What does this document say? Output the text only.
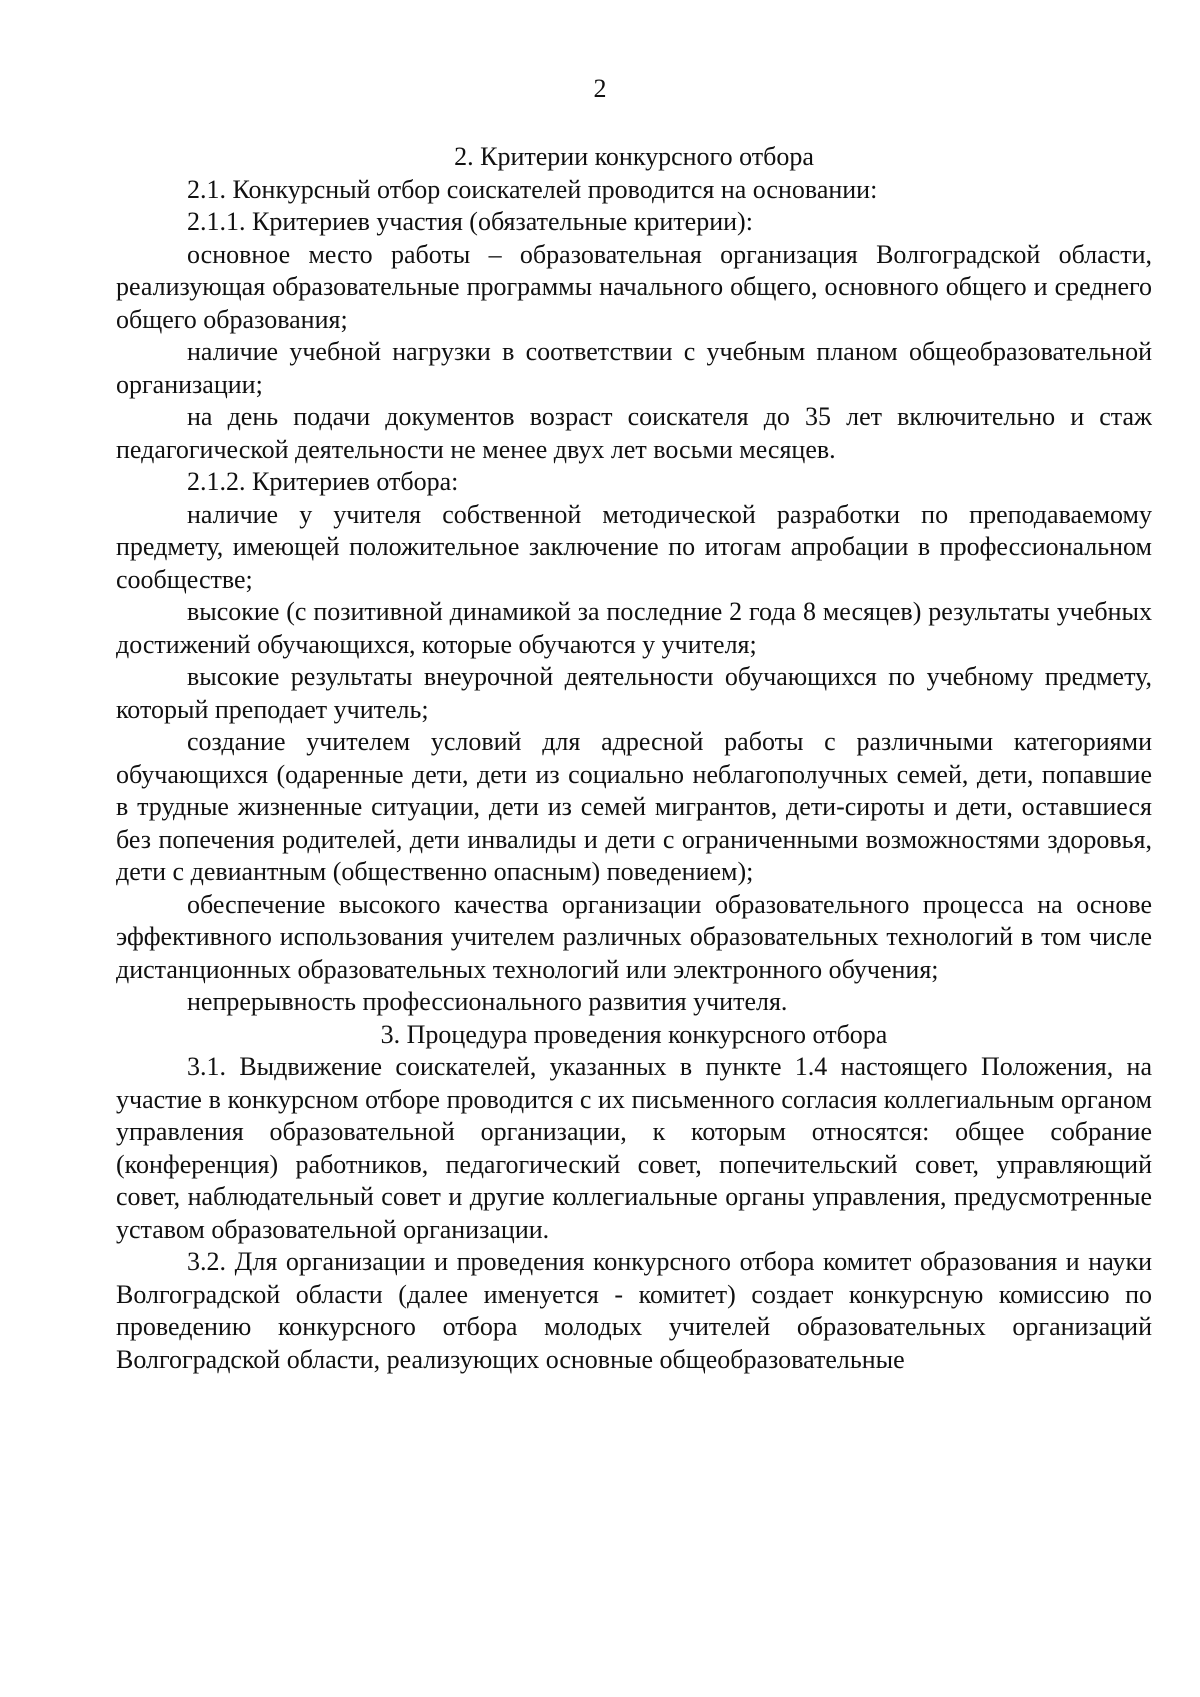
2
2. Критерии конкурсного отбора

2.1. Конкурсный отбор соискателей проводится на основании:

2.1.1. Критериев участия (обязательные критерии):

основное место работы – образовательная организация Волгоградской области, реализующая образовательные программы начального общего, основного общего и среднего общего образования;

наличие учебной нагрузки в соответствии с учебным планом общеобразовательной организации;

на день подачи документов возраст соискателя до 35 лет включительно и стаж педагогической деятельности не менее двух лет восьми месяцев.

2.1.2. Критериев отбора:

наличие у учителя собственной методической разработки по преподаваемому предмету, имеющей положительное заключение по итогам апробации в профессиональном сообществе;

высокие (с позитивной динамикой за последние 2 года 8 месяцев) результаты учебных достижений обучающихся, которые обучаются у учителя;

высокие результаты внеурочной деятельности обучающихся по учебному предмету, который преподает учитель;

создание учителем условий для адресной работы с различными категориями обучающихся (одаренные дети, дети из социально неблагополучных семей, дети, попавшие в трудные жизненные ситуации, дети из семей мигрантов, дети-сироты и дети, оставшиеся без попечения родителей, дети инвалиды и дети с ограниченными возможностями здоровья, дети с девиантным (общественно опасным) поведением);

обеспечение высокого качества организации образовательного процесса на основе эффективного использования учителем различных образовательных технологий в том числе дистанционных образовательных технологий или электронного обучения;

непрерывность профессионального развития учителя.

3. Процедура проведения конкурсного отбора

3.1. Выдвижение соискателей, указанных в пункте 1.4 настоящего Положения, на участие в конкурсном отборе проводится с их письменного согласия коллегиальным органом управления образовательной организации, к которым относятся: общее собрание (конференция) работников, педагогический совет, попечительский совет, управляющий совет, наблюдательный совет и другие коллегиальные органы управления, предусмотренные уставом образовательной организации.

3.2. Для организации и проведения конкурсного отбора комитет образования и науки Волгоградской области (далее именуется - комитет) создает конкурсную комиссию по проведению конкурсного отбора молодых учителей образовательных организаций Волгоградской области, реализующих основные общеобразовательные
